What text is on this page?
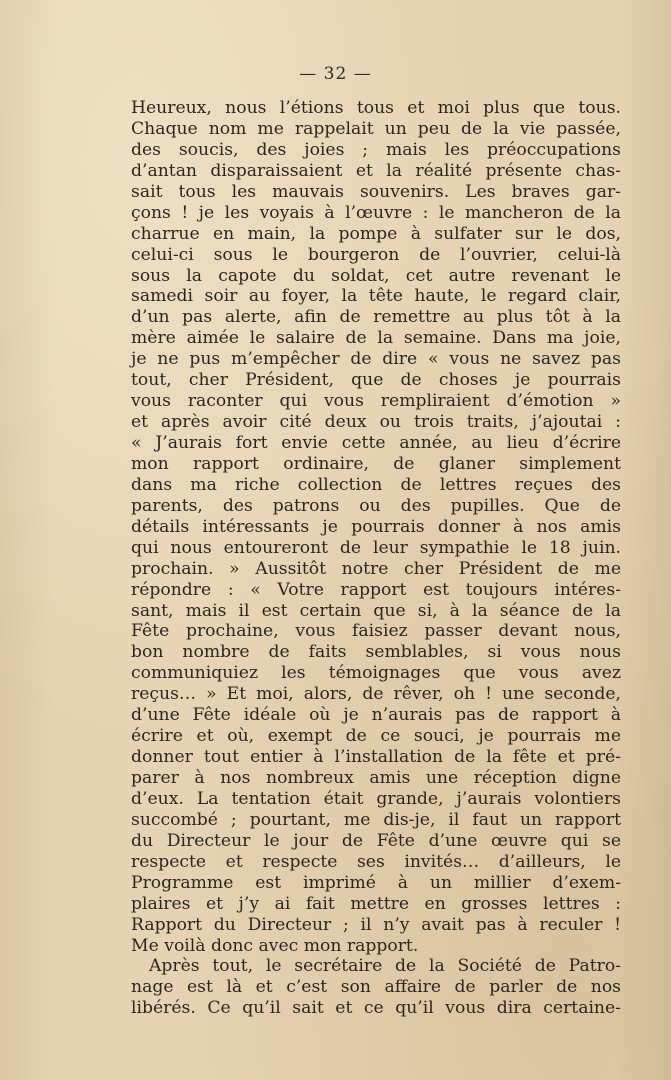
— 32 —
Heureux, nous l’étions tous et moi plus que tous.
Chaque nom me rappelait un peu de la vie passée,
des soucis, des joies ; mais les préoccupations
d’antan disparaissaient et la réalité présente chas-
sait tous les mauvais souvenirs. Les braves gar-
çons ! je les voyais à l’œuvre : le mancheron de la
charrue en main, la pompe à sulfater sur le dos,
celui-ci sous le bourgeron de l’ouvrier, celui-là
sous la capote du soldat, cet autre revenant le
samedi soir au foyer, la tête haute, le regard clair,
d’un pas alerte, afin de remettre au plus tôt à la
mère aimée le salaire de la semaine. Dans ma joie,
je ne pus m’empêcher de dire « vous ne savez pas
tout, cher Président, que de choses je pourrais
vous raconter qui vous rempliraient d’émotion »
et après avoir cité deux ou trois traits, j’ajoutai :
« J’aurais fort envie cette année, au lieu d’écrire
mon rapport ordinaire, de glaner simplement
dans ma riche collection de lettres reçues des
parents, des patrons ou des pupilles. Que de
détails intéressants je pourrais donner à nos amis
qui nous entoureront de leur sympathie le 18 juin.
prochain. » Aussitôt notre cher Président de me
répondre : « Votre rapport est toujours intéres-
sant, mais il est certain que si, à la séance de la
Fête prochaine, vous faisiez passer devant nous,
bon nombre de faits semblables, si vous nous
communiquiez les témoignages que vous avez
reçus… » Et moi, alors, de rêver, oh ! une seconde,
d’une Fête idéale où je n’aurais pas de rapport à
écrire et où, exempt de ce souci, je pourrais me
donner tout entier à l’installation de la fête et pré-
parer à nos nombreux amis une réception digne
d’eux. La tentation était grande, j’aurais volontiers
succombé ; pourtant, me dis-je, il faut un rapport
du Directeur le jour de Fête d’une œuvre qui se
respecte et respecte ses invités… d’ailleurs, le
Programme est imprimé à un millier d’exem-
plaires et j’y ai fait mettre en grosses lettres :
Rapport du Directeur ; il n’y avait pas à reculer !
Me voilà donc avec mon rapport.
Après tout, le secrétaire de la Société de Patro-
nage est là et c’est son affaire de parler de nos
libérés. Ce qu’il sait et ce qu’il vous dira certaine-
